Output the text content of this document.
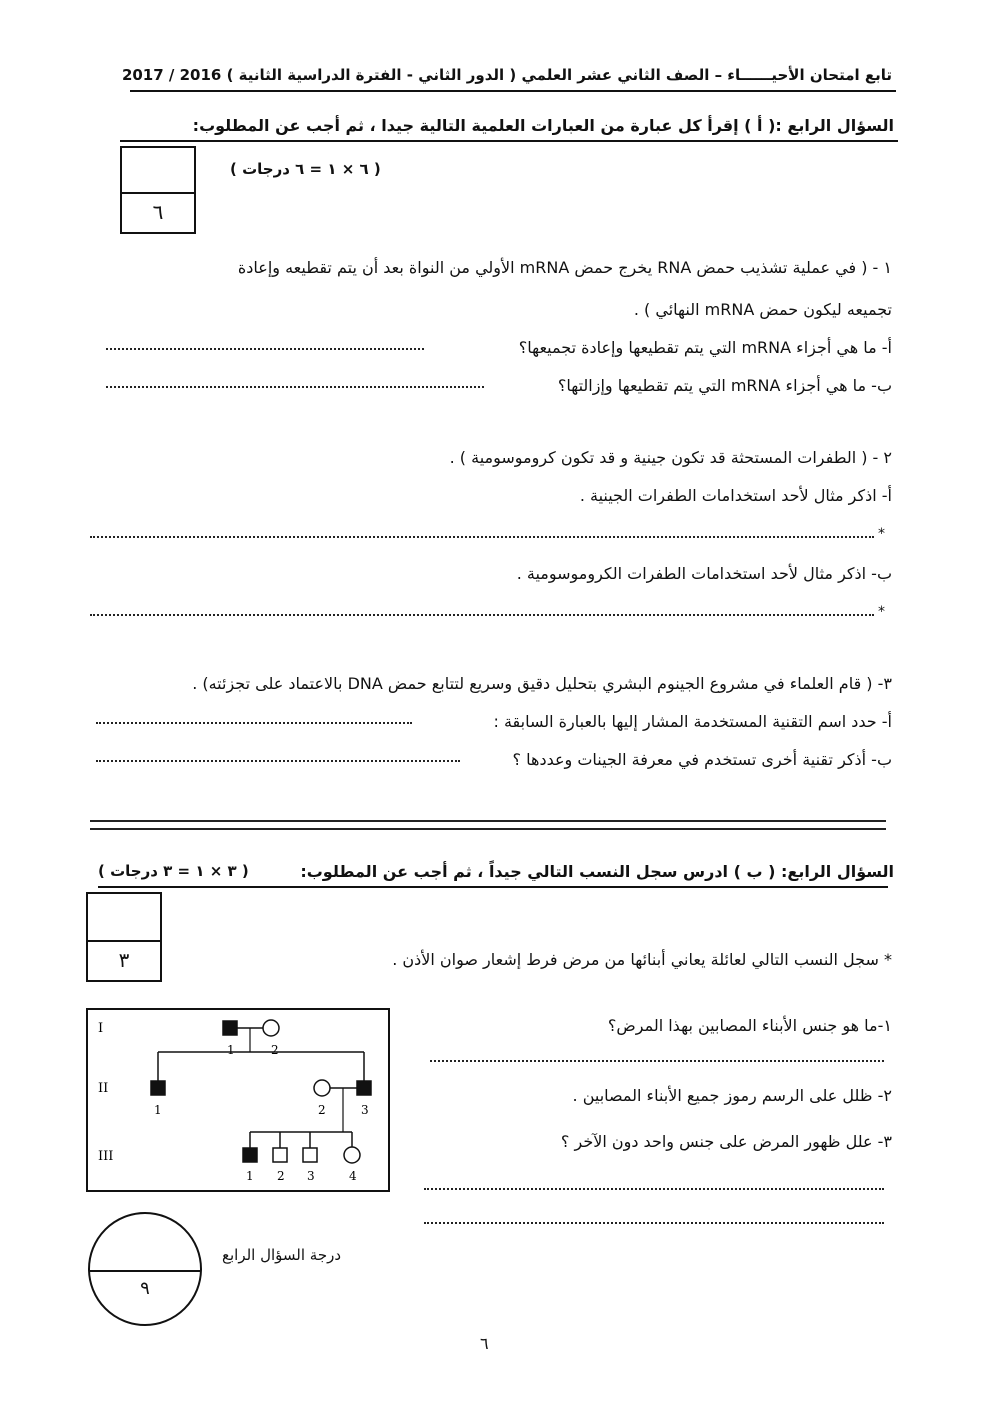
تابع امتحان الأحيــــــاء – الصف الثاني عشر العلمي ( الدور الثاني - الفترة الدراسية الثانية ) 2016 / 2017
السؤال الرابع :( أ ) إقرأ كل عبارة من العبارات العلمية التالية جيدا ، ثم أجب عن المطلوب:
٦
( ٦ × ١ = ٦ درجات )
١ - ( في عملية تشذيب حمض RNA يخرج حمض mRNA الأولي من النواة بعد أن يتم تقطيعه وإعادة
تجميعه ليكون حمض mRNA النهائي ) .
أ- ما هي أجزاء mRNA التي يتم تقطيعها وإعادة تجميعها؟
ب- ما هي أجزاء mRNA التي يتم تقطيعها وإزالتها؟
٢ - ( الطفرات المستحثة قد تكون جينية و قد تكون كروموسومية ) .
أ- اذكر مثال لأحد استخدامات الطفرات الجينية .
*
ب- اذكر مثال لأحد استخدامات الطفرات الكروموسومية .
*
٣- ( قام العلماء في مشروع الجينوم البشري بتحليل دقيق وسريع لتتابع حمض DNA بالاعتماد على تجزئته) .
أ- حدد اسم التقنية المستخدمة المشار إليها بالعبارة السابقة :
ب- أذكر تقنية أخرى تستخدم في معرفة الجينات وعددها ؟
السؤال الرابع: ( ب ) ادرس سجل النسب التالي جيداً ، ثم أجب عن المطلوب:
( ٣ × ١ = ٣ درجات )
٣	* سجل النسب التالي لعائلة يعاني أبنائها من مرض فرط إشعار صوان الأذن .
١-ما هو جنس الأبناء المصابين بهذا المرض؟
٢- ظلل على الرسم رموز جميع الأبناء المصابين .
٣- علل ظهور المرض على جنس واحد دون الآخر ؟
I
II
III
1	2
1	2	3
1 2 3	4
٩
درجة السؤال الرابع
٦
